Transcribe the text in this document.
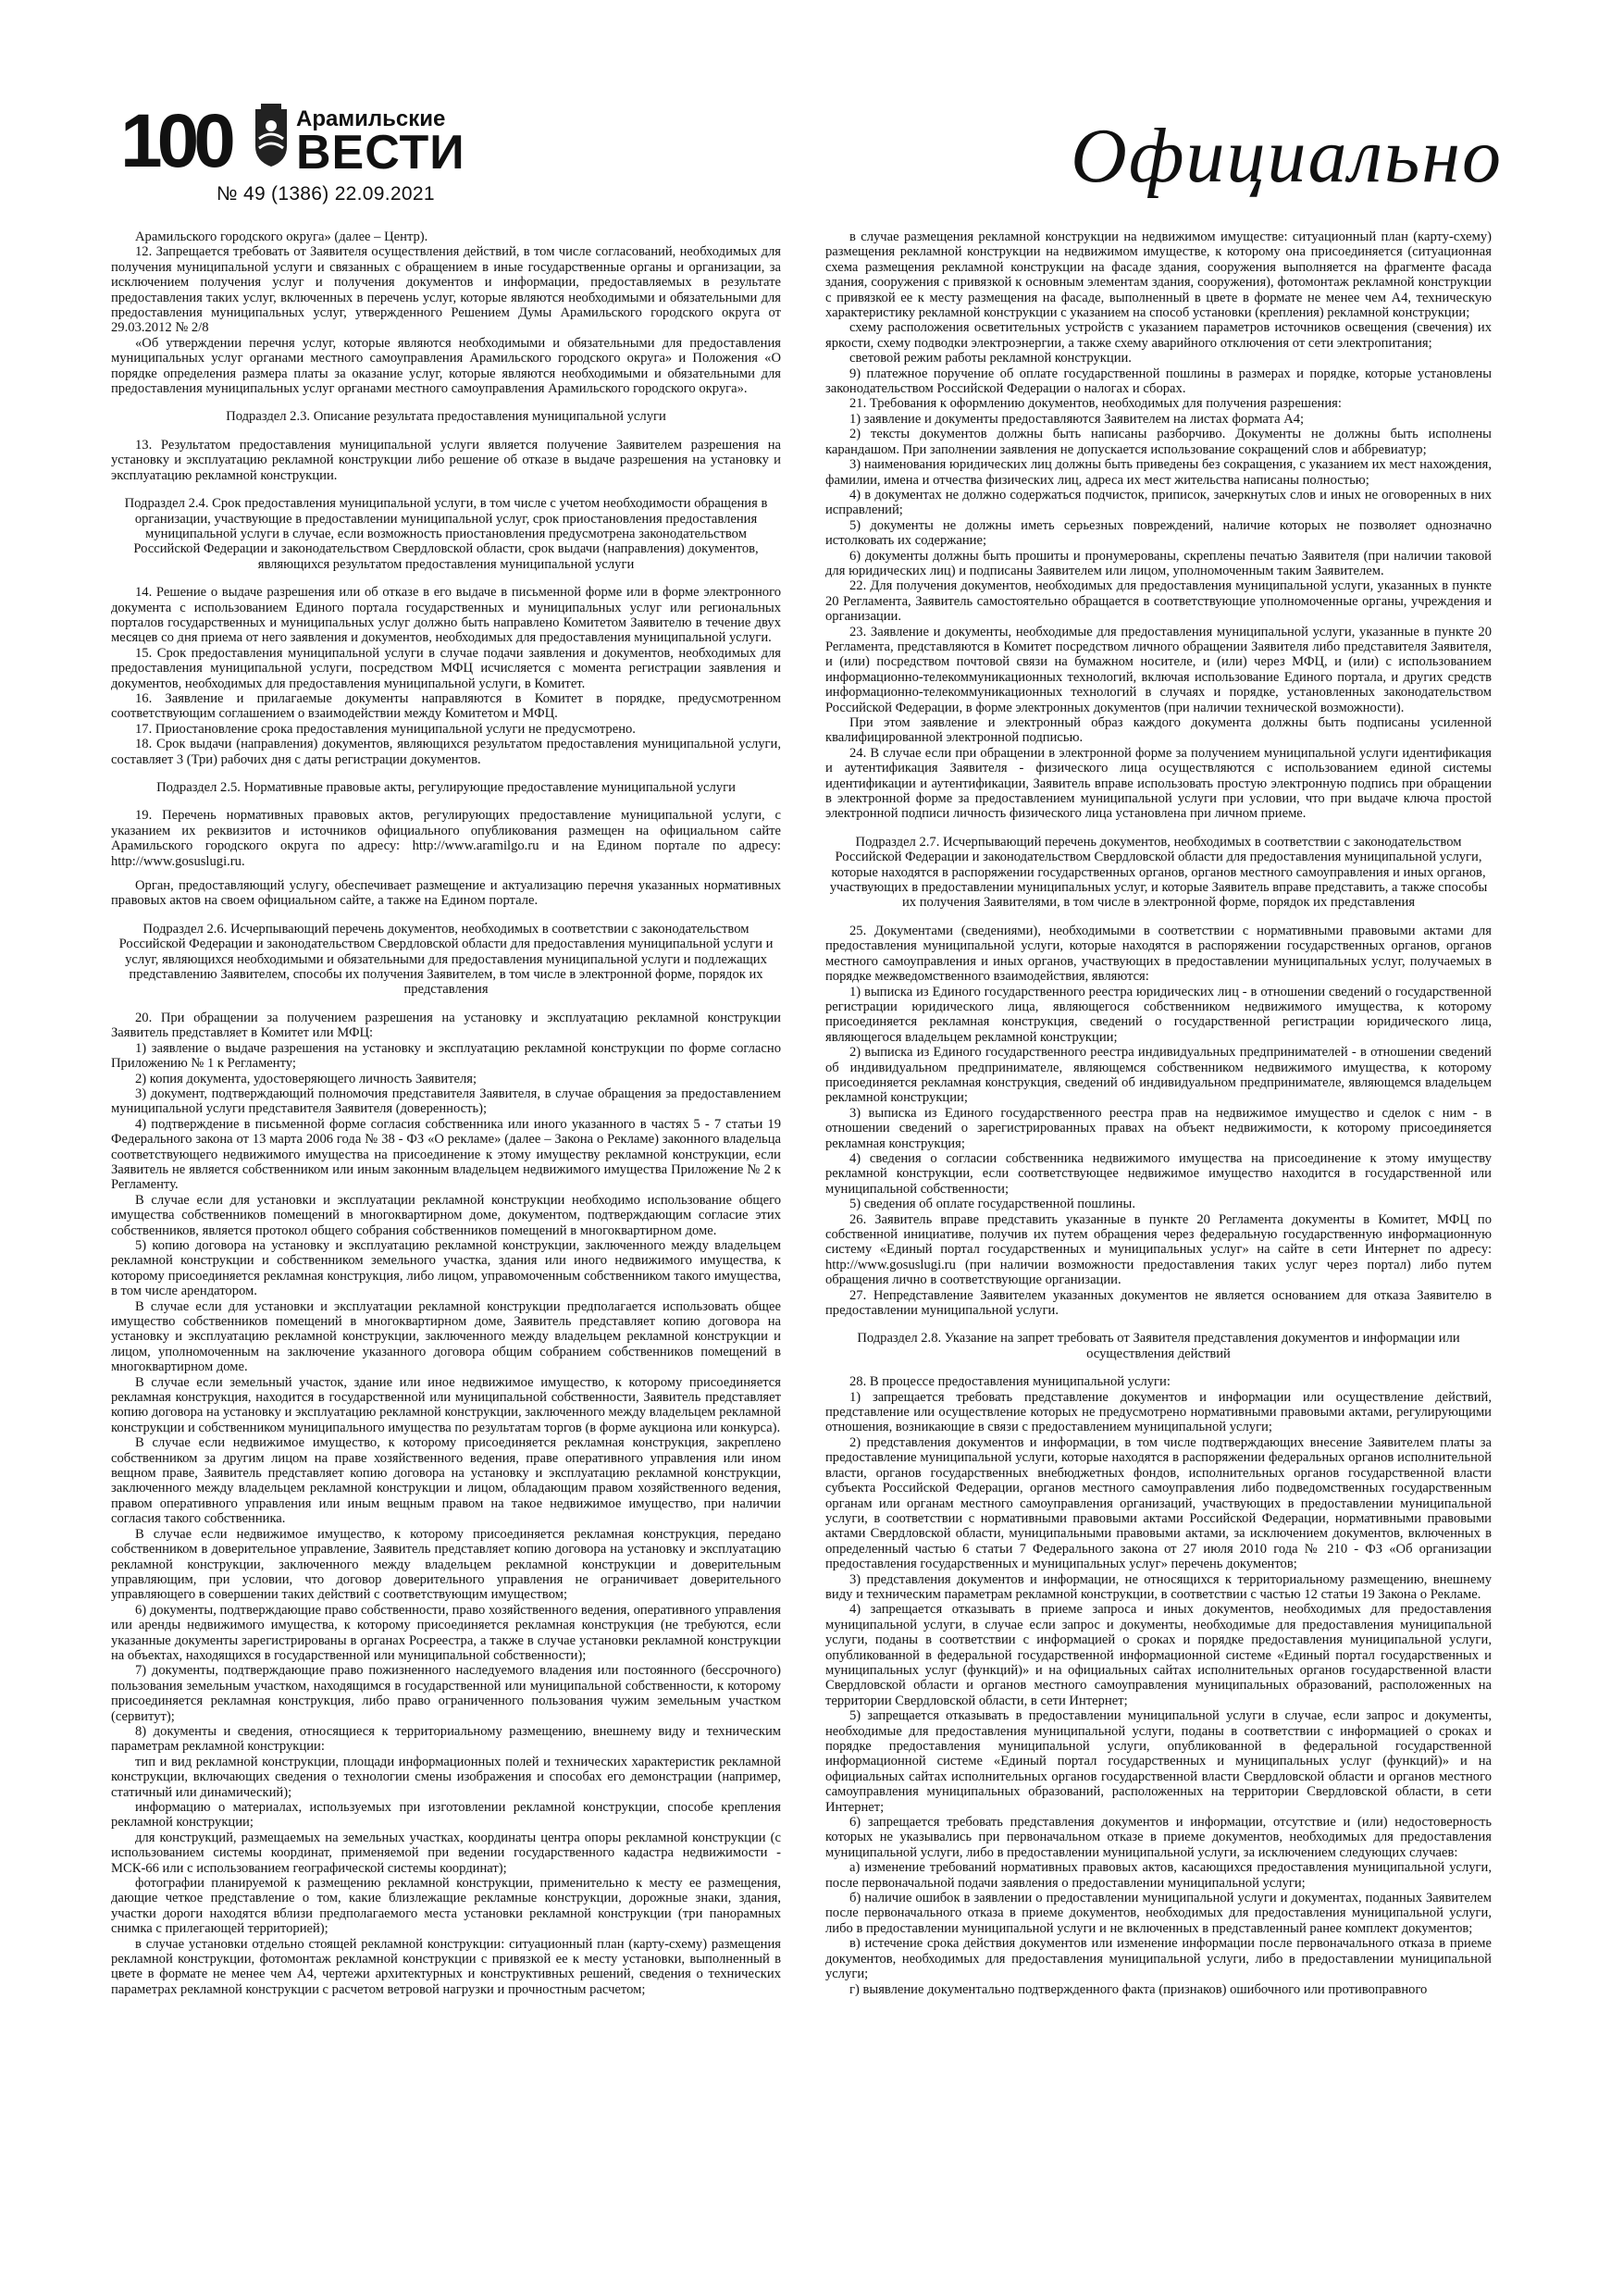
100	Арамильские
ВЕСТИ
№ 49 (1386) 22.09.2021	Официально

Арамильского городского округа» (далее – Центр).

12. Запрещается требовать от Заявителя осуществления действий, в том числе согласований, необходимых для получения муниципальной услуги и связанных с обращением в иные государственные органы и организации, за исключением получения услуг и получения документов и информации, предоставляемых в результате предоставления таких услуг, включенных в перечень услуг, которые являются необходимыми и обязательными для предоставления муниципальных услуг, утвержденного Решением Думы Арамильского городского округа от 29.03.2012 № 2/8

«Об утверждении перечня услуг, которые являются необходимыми и обязательными для предоставления муниципальных услуг органами местного самоуправления Арамильского городского округа» и Положения «О порядке определения размера платы за оказание услуг, которые являются необходимыми и обязательными для предоставления муниципальных услуг органами местного самоуправления Арамильского городского округа».

Подраздел 2.3. Описание результата предоставления муниципальной услуги

13. Результатом предоставления муниципальной услуги является получение Заявителем разрешения на установку и эксплуатацию рекламной конструкции либо решение об отказе в выдаче разрешения на установку и эксплуатацию рекламной конструкции.

Подраздел 2.4. Срок предоставления муниципальной услуги, в том числе с учетом необходимости обращения в организации, участвующие в предоставлении муниципальной услуг, срок приостановления предоставления муниципальной услуги в случае, если возможность приостановления предусмотрена законодательством Российской Федерации и законодательством Свердловской области, срок выдачи (направления) документов, являющихся результатом предоставления муниципальной услуги

14. Решение о выдаче разрешения или об отказе в его выдаче в письменной форме или в форме электронного документа с использованием Единого портала государственных и муниципальных услуг или региональных порталов государственных и муниципальных услуг должно быть направлено Комитетом Заявителю в течение двух месяцев со дня приема от него заявления и документов, необходимых для предоставления муниципальной услуги.

15. Срок предоставления муниципальной услуги в случае подачи заявления и документов, необходимых для предоставления муниципальной услуги, посредством МФЦ исчисляется с момента регистрации заявления и документов, необходимых для предоставления муниципальной услуги, в Комитет.

16. Заявление и прилагаемые документы направляются в Комитет в порядке, предусмотренном соответствующим соглашением о взаимодействии между Комитетом и МФЦ.

17. Приостановление срока предоставления муниципальной услуги не предусмотрено.

18. Срок выдачи (направления) документов, являющихся результатом предоставления муниципальной услуги, составляет 3 (Три) рабочих дня с даты регистрации документов.

Подраздел 2.5. Нормативные правовые акты, регулирующие предоставление муниципальной услуги

19. Перечень нормативных правовых актов, регулирующих предоставление муниципальной услуги, с указанием их реквизитов и источников официального опубликования размещен на официальном сайте Арамильского городского округа по адресу: http://www.aramilgo.ru и на Едином портале по адресу: http://www.gosuslugi.ru.

Орган, предоставляющий услугу, обеспечивает размещение и актуализацию перечня указанных нормативных правовых актов на своем официальном сайте, а также на Едином портале.

Подраздел 2.6. Исчерпывающий перечень документов, необходимых в соответствии с законодательством Российской Федерации и законодательством Свердловской области для предоставления муниципальной услуги и услуг, являющихся необходимыми и обязательными для предоставления муниципальной услуги и подлежащих представлению Заявителем, способы их получения Заявителем, в том числе в электронной форме, порядок их представления

20. При обращении за получением разрешения на установку и эксплуатацию рекламной конструкции Заявитель представляет в Комитет или МФЦ:

1) заявление о выдаче разрешения на установку и эксплуатацию рекламной конструкции по форме согласно Приложению № 1 к Регламенту;

2) копия документа, удостоверяющего личность Заявителя;

3) документ, подтверждающий полномочия представителя Заявителя, в случае обращения за предоставлением муниципальной услуги представителя Заявителя (доверенность);

4) подтверждение в письменной форме согласия собственника или иного указанного в частях 5 - 7 статьи 19 Федерального закона от 13 марта 2006 года № 38 - ФЗ «О рекламе» (далее – Закона о Рекламе) законного владельца соответствующего недвижимого имущества на присоединение к этому имуществу рекламной конструкции, если Заявитель не является собственником или иным законным владельцем недвижимого имущества Приложение № 2 к Регламенту.

В случае если для установки и эксплуатации рекламной конструкции необходимо использование общего имущества собственников помещений в многоквартирном доме, документом, подтверждающим согласие этих собственников, является протокол общего собрания собственников помещений в многоквартирном доме.

5) копию договора на установку и эксплуатацию рекламной конструкции, заключенного между владельцем рекламной конструкции и собственником земельного участка, здания или иного недвижимого имущества, к которому присоединяется рекламная конструкция, либо лицом, управомоченным собственником такого имущества, в том числе арендатором.

В случае если для установки и эксплуатации рекламной конструкции предполагается использовать общее имущество собственников помещений в многоквартирном доме, Заявитель представляет копию договора на установку и эксплуатацию рекламной конструкции, заключенного между владельцем рекламной конструкции и лицом, уполномоченным на заключение указанного договора общим собранием собственников помещений в многоквартирном доме.

В случае если земельный участок, здание или иное недвижимое имущество, к которому присоединяется рекламная конструкция, находится в государственной или муниципальной собственности, Заявитель представляет копию договора на установку и эксплуатацию рекламной конструкции, заключенного между владельцем рекламной конструкции и собственником муниципального имущества по результатам торгов (в форме аукциона или конкурса).

В случае если недвижимое имущество, к которому присоединяется рекламная конструкция, закреплено собственником за другим лицом на праве хозяйственного ведения, праве оперативного управления или ином вещном праве, Заявитель представляет копию договора на установку и эксплуатацию рекламной конструкции, заключенного между владельцем рекламной конструкции и лицом, обладающим правом хозяйственного ведения, правом оперативного управления или иным вещным правом на такое недвижимое имущество, при наличии согласия такого собственника.

В случае если недвижимое имущество, к которому присоединяется рекламная конструкция, передано собственником в доверительное управление, Заявитель представляет копию договора на установку и эксплуатацию рекламной конструкции, заключенного между владельцем рекламной конструкции и доверительным управляющим, при условии, что договор доверительного управления не ограничивает доверительного управляющего в совершении таких действий с соответствующим имуществом;

6) документы, подтверждающие право собственности, право хозяйственного ведения, оперативного управления или аренды недвижимого имущества, к которому присоединяется рекламная конструкция (не требуются, если указанные документы зарегистрированы в органах Росреестра, а также в случае установки рекламной конструкции на объектах, находящихся в государственной или муниципальной собственности);

7) документы, подтверждающие право пожизненного наследуемого владения или постоянного (бессрочного) пользования земельным участком, находящимся в государственной или муниципальной собственности, к которому присоединяется рекламная конструкция, либо право ограниченного пользования чужим земельным участком (сервитут);

8) документы и сведения, относящиеся к территориальному размещению, внешнему виду и техническим параметрам рекламной конструкции:

тип и вид рекламной конструкции, площади информационных полей и технических характеристик рекламной конструкции, включающих сведения о технологии смены изображения и способах его демонстрации (например, статичный или динамический);

информацию о материалах, используемых при изготовлении рекламной конструкции, способе крепления рекламной конструкции;

для конструкций, размещаемых на земельных участках, координаты центра опоры рекламной конструкции (с использованием системы координат, применяемой при ведении государственного кадастра недвижимости - МСК-66 или с использованием географической системы координат);

фотографии планируемой к размещению рекламной конструкции, применительно к месту ее размещения, дающие четкое представление о том, какие близлежащие рекламные конструкции, дорожные знаки, здания, участки дороги находятся вблизи предполагаемого места установки рекламной конструкции (три панорамных снимка с прилегающей территорией);

в случае установки отдельно стоящей рекламной конструкции: ситуационный план (карту-схему) размещения рекламной конструкции, фотомонтаж рекламной конструкции с привязкой ее к месту установки, выполненный в цвете в формате не менее чем А4, чертежи архитектурных и конструктивных решений, сведения о технических параметрах рекламной конструкции с расчетом ветровой нагрузки и прочностным расчетом;

в случае размещения рекламной конструкции на недвижимом имуществе: ситуационный план (карту-схему) размещения рекламной конструкции на недвижимом имуществе, к которому она присоединяется (ситуационная схема размещения рекламной конструкции на фасаде здания, сооружения выполняется на фрагменте фасада здания, сооружения с привязкой к основным элементам здания, сооружения), фотомонтаж рекламной конструкции с привязкой ее к месту размещения на фасаде, выполненный в цвете в формате не менее чем А4, техническую характеристику рекламной конструкции с указанием на способ установки (крепления) рекламной конструкции;

схему расположения осветительных устройств с указанием параметров источников освещения (свечения) их яркости, схему подводки электроэнергии, а также схему аварийного отключения от сети электропитания;

световой режим работы рекламной конструкции.

9) платежное поручение об оплате государственной пошлины в размерах и порядке, которые установлены законодательством Российской Федерации о налогах и сборах.

21. Требования к оформлению документов, необходимых для получения разрешения:

1) заявление и документы предоставляются Заявителем на листах формата А4;

2) тексты документов должны быть написаны разборчиво. Документы не должны быть исполнены карандашом. При заполнении заявления не допускается использование сокращений слов и аббревиатур;

3) наименования юридических лиц должны быть приведены без сокращения, с указанием их мест нахождения, фамилии, имена и отчества физических лиц, адреса их мест жительства написаны полностью;

4) в документах не должно содержаться подчисток, приписок, зачеркнутых слов и иных не оговоренных в них исправлений;

5) документы не должны иметь серьезных повреждений, наличие которых не позволяет однозначно истолковать их содержание;

6) документы должны быть прошиты и пронумерованы, скреплены печатью Заявителя (при наличии таковой для юридических лиц) и подписаны Заявителем или лицом, уполномоченным таким Заявителем.

22. Для получения документов, необходимых для предоставления муниципальной услуги, указанных в пункте 20 Регламента, Заявитель самостоятельно обращается в соответствующие уполномоченные органы, учреждения и организации.

23. Заявление и документы, необходимые для предоставления муниципальной услуги, указанные в пункте 20 Регламента, представляются в Комитет посредством личного обращении Заявителя либо представителя Заявителя, и (или) посредством почтовой связи на бумажном носителе, и (или) через МФЦ, и (или) с использованием информационно-телекоммуникационных технологий, включая использование Единого портала, и других средств информационно-телекоммуникационных технологий в случаях и порядке, установленных законодательством Российской Федерации, в форме электронных документов (при наличии технической возможности).

При этом заявление и электронный образ каждого документа должны быть подписаны усиленной квалифицированной электронной подписью.

24. В случае если при обращении в электронной форме за получением муниципальной услуги идентификация и аутентификация Заявителя - физического лица осуществляются с использованием единой системы идентификации и аутентификации, Заявитель вправе использовать простую электронную подпись при обращении в электронной форме за предоставлением муниципальной услуги при условии, что при выдаче ключа простой электронной подписи личность физического лица установлена при личном приеме.

Подраздел 2.7. Исчерпывающий перечень документов, необходимых в соответствии с законодательством Российской Федерации и законодательством Свердловской области для предоставления муниципальной услуги, которые находятся в распоряжении государственных органов, органов местного самоуправления и иных органов, участвующих в предоставлении муниципальных услуг, и которые Заявитель вправе представить, а также способы их получения Заявителями, в том числе в электронной форме, порядок их представления

25. Документами (сведениями), необходимыми в соответствии с нормативными правовыми актами для предоставления муниципальной услуги, которые находятся в распоряжении государственных органов, органов местного самоуправления и иных органов, участвующих в предоставлении муниципальных услуг, получаемых в порядке межведомственного взаимодействия, являются:

1) выписка из Единого государственного реестра юридических лиц - в отношении сведений о государственной регистрации юридического лица, являющегося собственником недвижимого имущества, к которому присоединяется рекламная конструкция, сведений о государственной регистрации юридического лица, являющегося владельцем рекламной конструкции;

2) выписка из Единого государственного реестра индивидуальных предпринимателей - в отношении сведений об индивидуальном предпринимателе, являющемся собственником недвижимого имущества, к которому присоединяется рекламная конструкция, сведений об индивидуальном предпринимателе, являющемся владельцем рекламной конструкции;

3) выписка из Единого государственного реестра прав на недвижимое имущество и сделок с ним - в отношении сведений о зарегистрированных правах на объект недвижимости, к которому присоединяется рекламная конструкция;

4) сведения о согласии собственника недвижимого имущества на присоединение к этому имуществу рекламной конструкции, если соответствующее недвижимое имущество находится в государственной или муниципальной собственности;

5) сведения об оплате государственной пошлины.

26. Заявитель вправе представить указанные в пункте 20 Регламента документы в Комитет, МФЦ по собственной инициативе, получив их путем обращения через федеральную государственную информационную систему «Единый портал государственных и муниципальных услуг» на сайте в сети Интернет по адресу: http://www.gosuslugi.ru (при наличии возможности предоставления таких услуг через портал) либо путем обращения лично в соответствующие организации.

27. Непредставление Заявителем указанных документов не является основанием для отказа Заявителю в предоставлении муниципальной услуги.

Подраздел 2.8. Указание на запрет требовать от Заявителя представления документов и информации или осуществления действий

28. В процессе предоставления муниципальной услуги:

1) запрещается требовать представление документов и информации или осуществление действий, представление или осуществление которых не предусмотрено нормативными правовыми актами, регулирующими отношения, возникающие в связи с предоставлением муниципальной услуги;

2) представления документов и информации, в том числе подтверждающих внесение Заявителем платы за предоставление муниципальной услуги, которые находятся в распоряжении федеральных органов исполнительной власти, органов государственных внебюджетных фондов, исполнительных органов государственной власти субъекта Российской Федерации, органов местного самоуправления либо подведомственных государственным органам или органам местного самоуправления организаций, участвующих в предоставлении муниципальной услуги, в соответствии с нормативными правовыми актами Российской Федерации, нормативными правовыми актами Свердловской области, муниципальными правовыми актами, за исключением документов, включенных в определенный частью 6 статьи 7 Федерального закона от 27 июля 2010 года № 210 - ФЗ «Об организации предоставления государственных и муниципальных услуг» перечень документов;

3) представления документов и информации, не относящихся к территориальному размещению, внешнему виду и техническим параметрам рекламной конструкции, в соответствии с частью 12 статьи 19 Закона о Рекламе.

4) запрещается отказывать в приеме запроса и иных документов, необходимых для предоставления муниципальной услуги, в случае если запрос и документы, необходимые для предоставления муниципальной услуги, поданы в соответствии с информацией о сроках и порядке предоставления муниципальной услуги, опубликованной в федеральной государственной информационной системе «Единый портал государственных и муниципальных услуг (функций)» и на официальных сайтах исполнительных органов государственной власти Свердловской области и органов местного самоуправления муниципальных образований, расположенных на территории Свердловской области, в сети Интернет;

5) запрещается отказывать в предоставлении муниципальной услуги в случае, если запрос и документы, необходимые для предоставления муниципальной услуги, поданы в соответствии с информацией о сроках и порядке предоставления муниципальной услуги, опубликованной в федеральной государственной информационной системе «Единый портал государственных и муниципальных услуг (функций)» и на официальных сайтах исполнительных органов государственной власти Свердловской области и органов местного самоуправления муниципальных образований, расположенных на территории Свердловской области, в сети Интернет;

6) запрещается требовать представления документов и информации, отсутствие и (или) недостоверность которых не указывались при первоначальном отказе в приеме документов, необходимых для предоставления муниципальной услуги, либо в предоставлении муниципальной услуги, за исключением следующих случаев:

а) изменение требований нормативных правовых актов, касающихся предоставления муниципальной услуги, после первоначальной подачи заявления о предоставлении муниципальной услуги;

б) наличие ошибок в заявлении о предоставлении муниципальной услуги и документах, поданных Заявителем после первоначального отказа в приеме документов, необходимых для предоставления муниципальной услуги, либо в предоставлении муниципальной услуги и не включенных в представленный ранее комплект документов;

в) истечение срока действия документов или изменение информации после первоначального отказа в приеме документов, необходимых для предоставления муниципальной услуги, либо в предоставлении муниципальной услуги;

г) выявление документально подтвержденного факта (признаков) ошибочного или противоправного
